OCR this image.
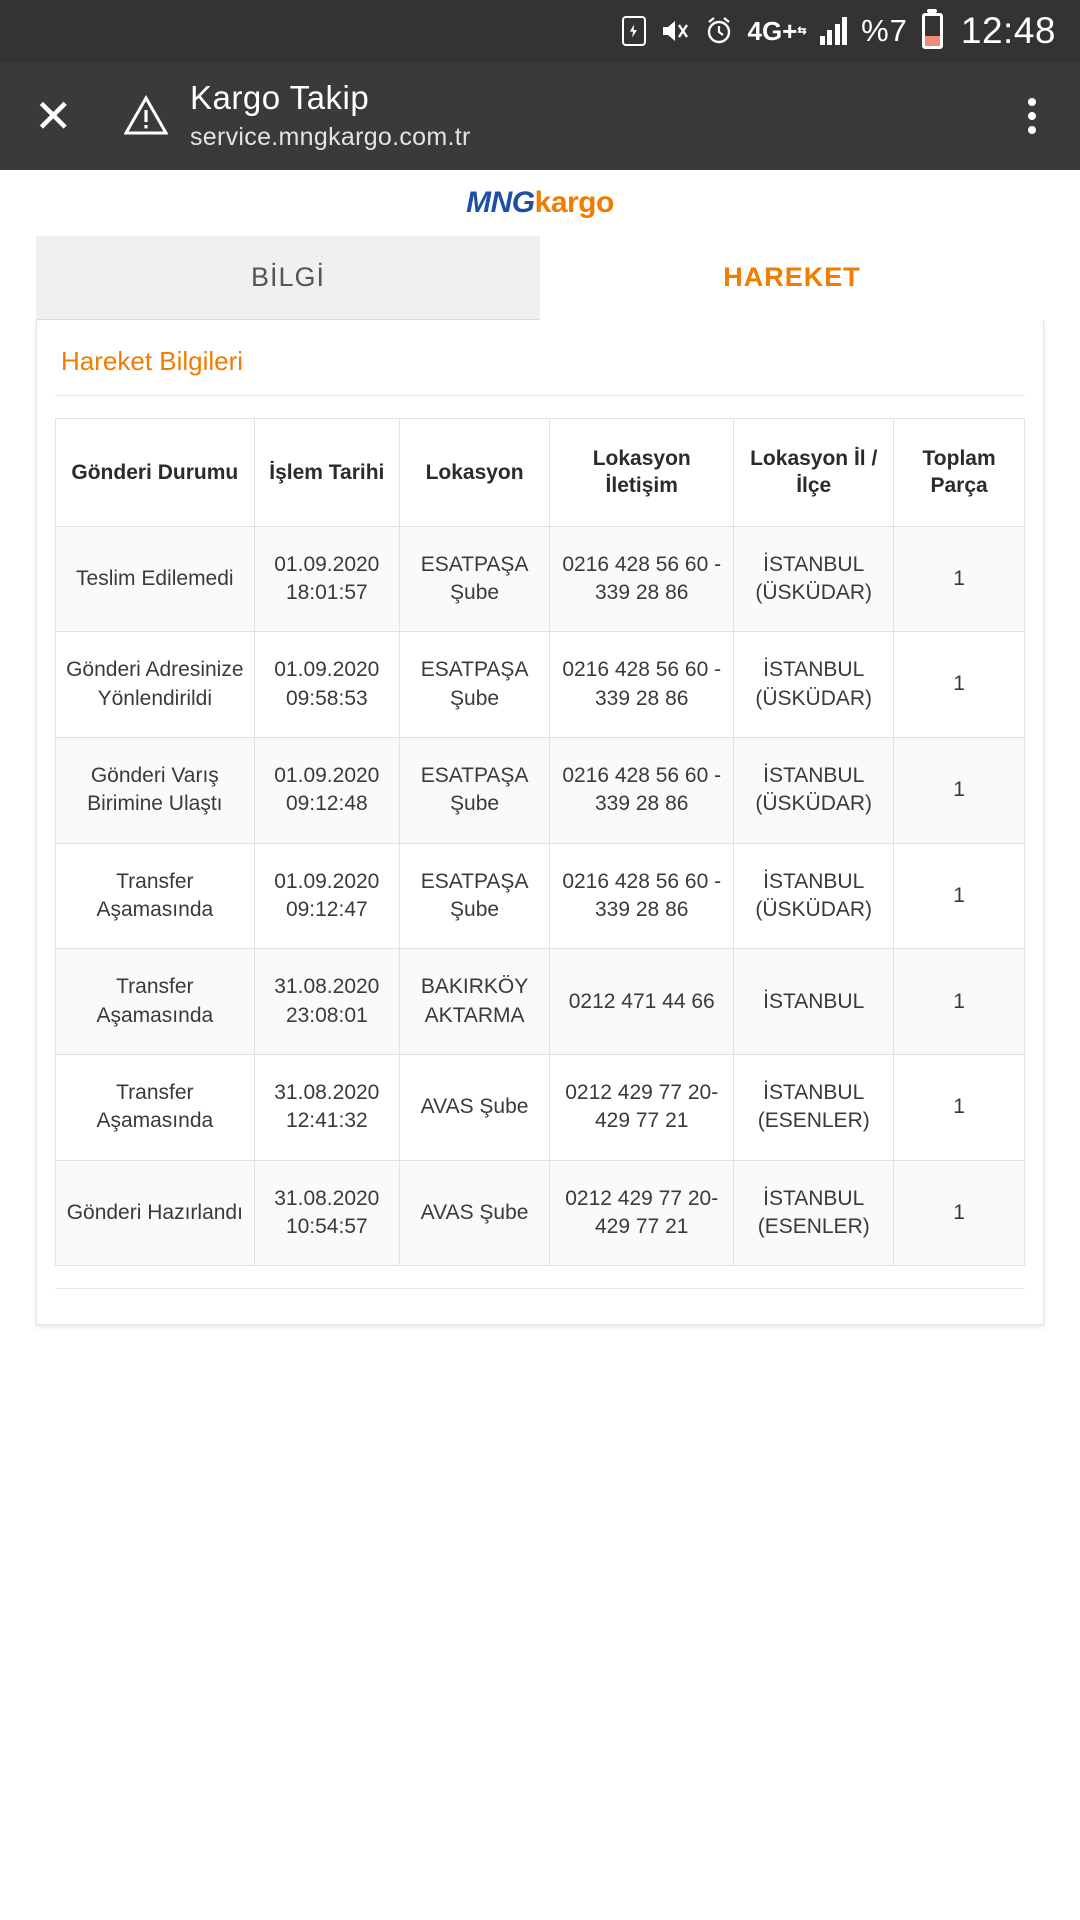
4G+ ⇆ %7 12:48
✕	Kargo Takip
service.mngkargo.com.tr
MNGkargo
BİLGİ	HAREKET
Hareket Bilgileri
Gönderi Durumu	İşlem Tarihi	Lokasyon	Lokasyon İletişim	Lokasyon İl / İlçe	Toplam Parça
Teslim Edilemedi	01.09.2020 18:01:57	ESATPAŞA Şube	0216 428 56 60 - 339 28 86	İSTANBUL (ÜSKÜDAR)	1
Gönderi Adresinize Yönlendirildi	01.09.2020 09:58:53	ESATPAŞA Şube	0216 428 56 60 - 339 28 86	İSTANBUL (ÜSKÜDAR)	1
Gönderi Varış Birimine Ulaştı	01.09.2020 09:12:48	ESATPAŞA Şube	0216 428 56 60 - 339 28 86	İSTANBUL (ÜSKÜDAR)	1
Transfer Aşamasında	01.09.2020 09:12:47	ESATPAŞA Şube	0216 428 56 60 - 339 28 86	İSTANBUL (ÜSKÜDAR)	1
Transfer Aşamasında	31.08.2020 23:08:01	BAKIRKÖY AKTARMA	0212 471 44 66	İSTANBUL	1
Transfer Aşamasında	31.08.2020 12:41:32	AVAS Şube	0212 429 77 20- 429 77 21	İSTANBUL (ESENLER)	1
Gönderi Hazırlandı	31.08.2020 10:54:57	AVAS Şube	0212 429 77 20- 429 77 21	İSTANBUL (ESENLER)	1
